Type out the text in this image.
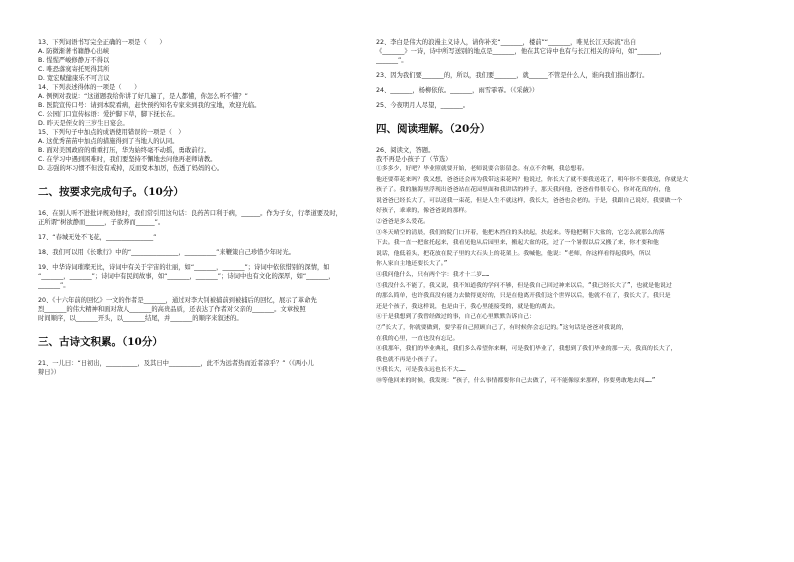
13、下列词语书写完全正确的一项是（　　）
A. 防微渐著书籍静心出峡
B. 惺惺严峻修静万不得以
C. 唯恐落寞寄托死得其所
D. 宽宏赋健康乐不可言议
14、下列表述得体的一项是（　　）
A. 例例对我说：“这道题我给你讲了好几遍了，是人都懂，你怎么听不懂？”
B. 医院宣传口号：请到本院看病，赶快预约知名专家来到我的宝地，欢迎光临。
C. 公园门口宣传标语：爱护脚下草，脚下抚长在。
D. 昨天是侄女的三岁生日宴会。
15、下列句子中加点的成语使用错误的一项是（　）
A. 这优秀苗苗中加点的措施得到了当地人的认同。
B. 面对美国政府的重重打压，华为始终毫不动摇，勇敢前行。
C. 在学习中遇到困难时，我们要坚持不懈地去问他再老师请教。
D. 志强的坏习惯不但没有戒掉，反而变本加厉，伤透了妈妈的心。
二、按要求完成句子。（10分）
16、在别人听不进批评规劝他时，我们常引用这句话：良药苦口利于病，______。作为子女，行孝道要及时，
正所谓“树欲静而______，子欲养而______”。
17、“春城无处不飞花，_______________”
18、我们可以用《长歌行》中的“_______________，__________”来鞭策自己珍惜少年时光。
19、中华诗词璀璨无比，诗词中有关于宇宙的壮丽，如“_______，_______”；诗词中依依惜别的深情，如
“_______，_______”；诗词中有民间故事，如“_______，_______”；诗词中也有文化的深厚，如“_______，
_______”。
20、《十六年前的回忆》一文的作者是_______，通过对李大钊被捕前到被捕后的回忆，展示了革命先
烈_______的伟大精神和面对敌人_______的高贵品质，还表达了作者对父亲的_______。文章按照
时间顺序，以_______开头，以_______结尾，并_______的顺序来叙述的。
三、古诗文积累。（10分）
21、一儿曰：“日初出，__________，及其日中__________，此不为远者热而近者凉乎？”（《两小儿
辩日》）
22、李白是伟大的浪漫主义诗人，请你补充“_______，楼前”“_______，唯见长江天际流”出自
《_______》一诗，诗中所写送别的地点是_______，他在其它诗中也有与长江相关的诗句，如“_______，
_______”。
23、因为我们要_______的，所以，我们要_______，就______不管是什么人，谁向我们指出都行。
24、_______，杨柳依依。_______，雨雪霏霏。（《采薇》）
25、今夜明月人尽望，_______。
四、阅读理解。（20分）
26、阅读文，答题。
我不再是小孩子了（节选）
①多多少，好吧？毕业照就要开始，老师说要合影留念。有点不舍啊，我总想着。
他还要带花来吗？我又想，爸爸还会再为我带这束花吗？他说过，你长大了就不要我送花了，明年你不要我送，你就是大
孩子了。我的脑海里浮现出爸爸站在花园里面和我讲话的样子，那天我问他，爸爸看得很专心，你对花真的有，他
说爸爸已经长大了，可以送我一束花，但是人生不就这样，我长大，爸爸也会老的。于是，我跟自己说好，我要做一个
好孩子，乖乖的，像爸爸说的那样。
②爸爸是多么爱花。
③冬天晴空的清晨，我们的院门口开着，他把木挡住的头扶起，扶起来。等他把剩下大盆的，它怎么就那么的落
下去。我一直一把盆托起来，我看见他从后园里来，搬起大盆的花，过了一个暑假以后又搬了来，你才要和他
说话，他低着头，把花放在院子里的大石头上的花架上。我喊他，他说：“老师，你这样看得起我吗，所以
你人家自主地还要长大了。”
④我问他什么，只有两个字：我才十二岁……
⑤我没什么不能了，我又说，我不知道我的学问不够，但是我自己回过神来以后，“我已经长大了”，也就是他说过
的那么简单，也许我真没有能力去做得更好的，只是在他离开我们这个世界以后，他就不在了，我长大了，我只是
还是个孩子，我这样说，也是由于，我心里能接受的，就是他的离去。
⑥于是我想到了我曾经做过的事，自己在心里默默告诉自己：
⑦“长大了，你就要做到，要学着自己照顾自己了，有时候你会忘记的。”这句话是爸爸对我说的，
在我的心里，一直也没有忘记。
⑧我那年，我们的毕业典礼，我们多么希望你来啊，可是我们毕业了，我想到了我们毕业的那一天，我真的长大了，
我也就不再是小孩子了。
⑨我长大，可是我永远也长不大……
⑩等他回来的时候，我发现：“孩子，什么事情都要你自己去做了，可不能像原来那样，你要勇敢地去闯……”
